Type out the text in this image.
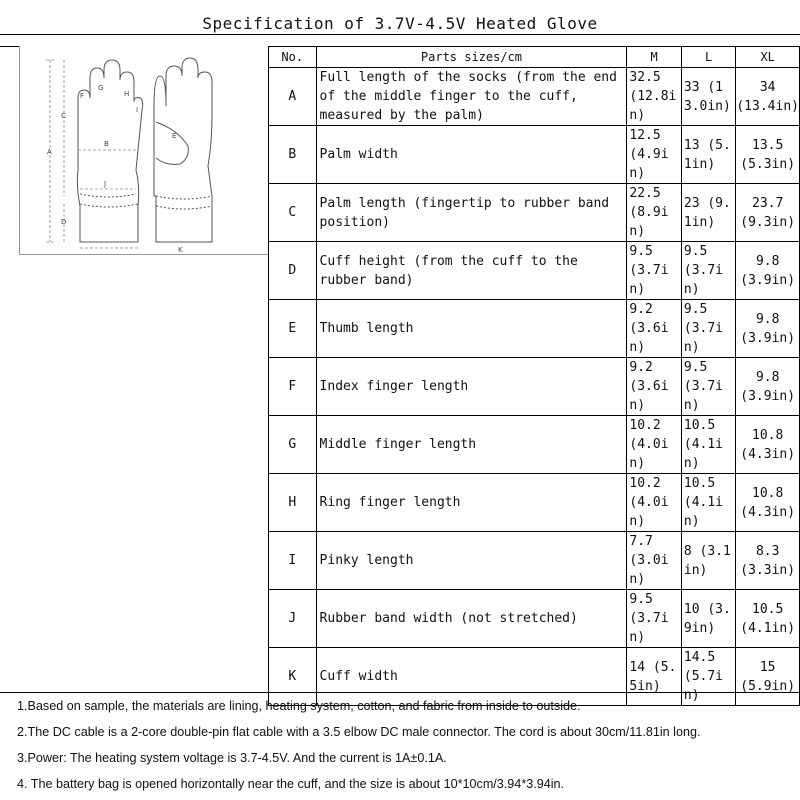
Specification of 3.7V-4.5V Heated Glove
A
B
C
D
E
F
G
H
I
J
K
No.	Parts sizes/cm	M	L	XL
A	Full length of the socks (from the end of the middle finger to the cuff, measured by the palm)	32.5 (12.8in)	33 (13.0in)	34 (13.4in)
B	Palm width	12.5 (4.9in)	13 (5.1in)	13.5 (5.3in)
C	Palm length (fingertip to rubber band position)	22.5 (8.9in)	23 (9.1in)	23.7 (9.3in)
D	Cuff height (from the cuff to the rubber band)	9.5 (3.7in)	9.5 (3.7in)	9.8 (3.9in)
E	Thumb length	9.2 (3.6in)	9.5 (3.7in)	9.8 (3.9in)
F	Index finger length	9.2 (3.6in)	9.5 (3.7in)	9.8 (3.9in)
G	Middle finger length	10.2 (4.0in)	10.5 (4.1in)	10.8 (4.3in)
H	Ring finger length	10.2 (4.0in)	10.5 (4.1in)	10.8 (4.3in)
I	Pinky length	7.7 (3.0in)	8 (3.1in)	8.3 (3.3in)
J	Rubber band width (not stretched)	9.5 (3.7in)	10 (3.9in)	10.5 (4.1in)
K	Cuff width	14 (5.5in)	14.5 (5.7in)	15 (5.9in)

1.Based on sample, the materials are lining, heating system, cotton, and fabric from inside to outside.

2.The DC cable is a 2-core double-pin flat cable with a 3.5 elbow DC male connector. The cord is about 30cm/11.81in long.

3.Power: The heating system voltage is 3.7-4.5V. And the current is 1A±0.1A.

4. The battery bag is opened horizontally near the cuff, and the size is about 10*10cm/3.94*3.94in.
